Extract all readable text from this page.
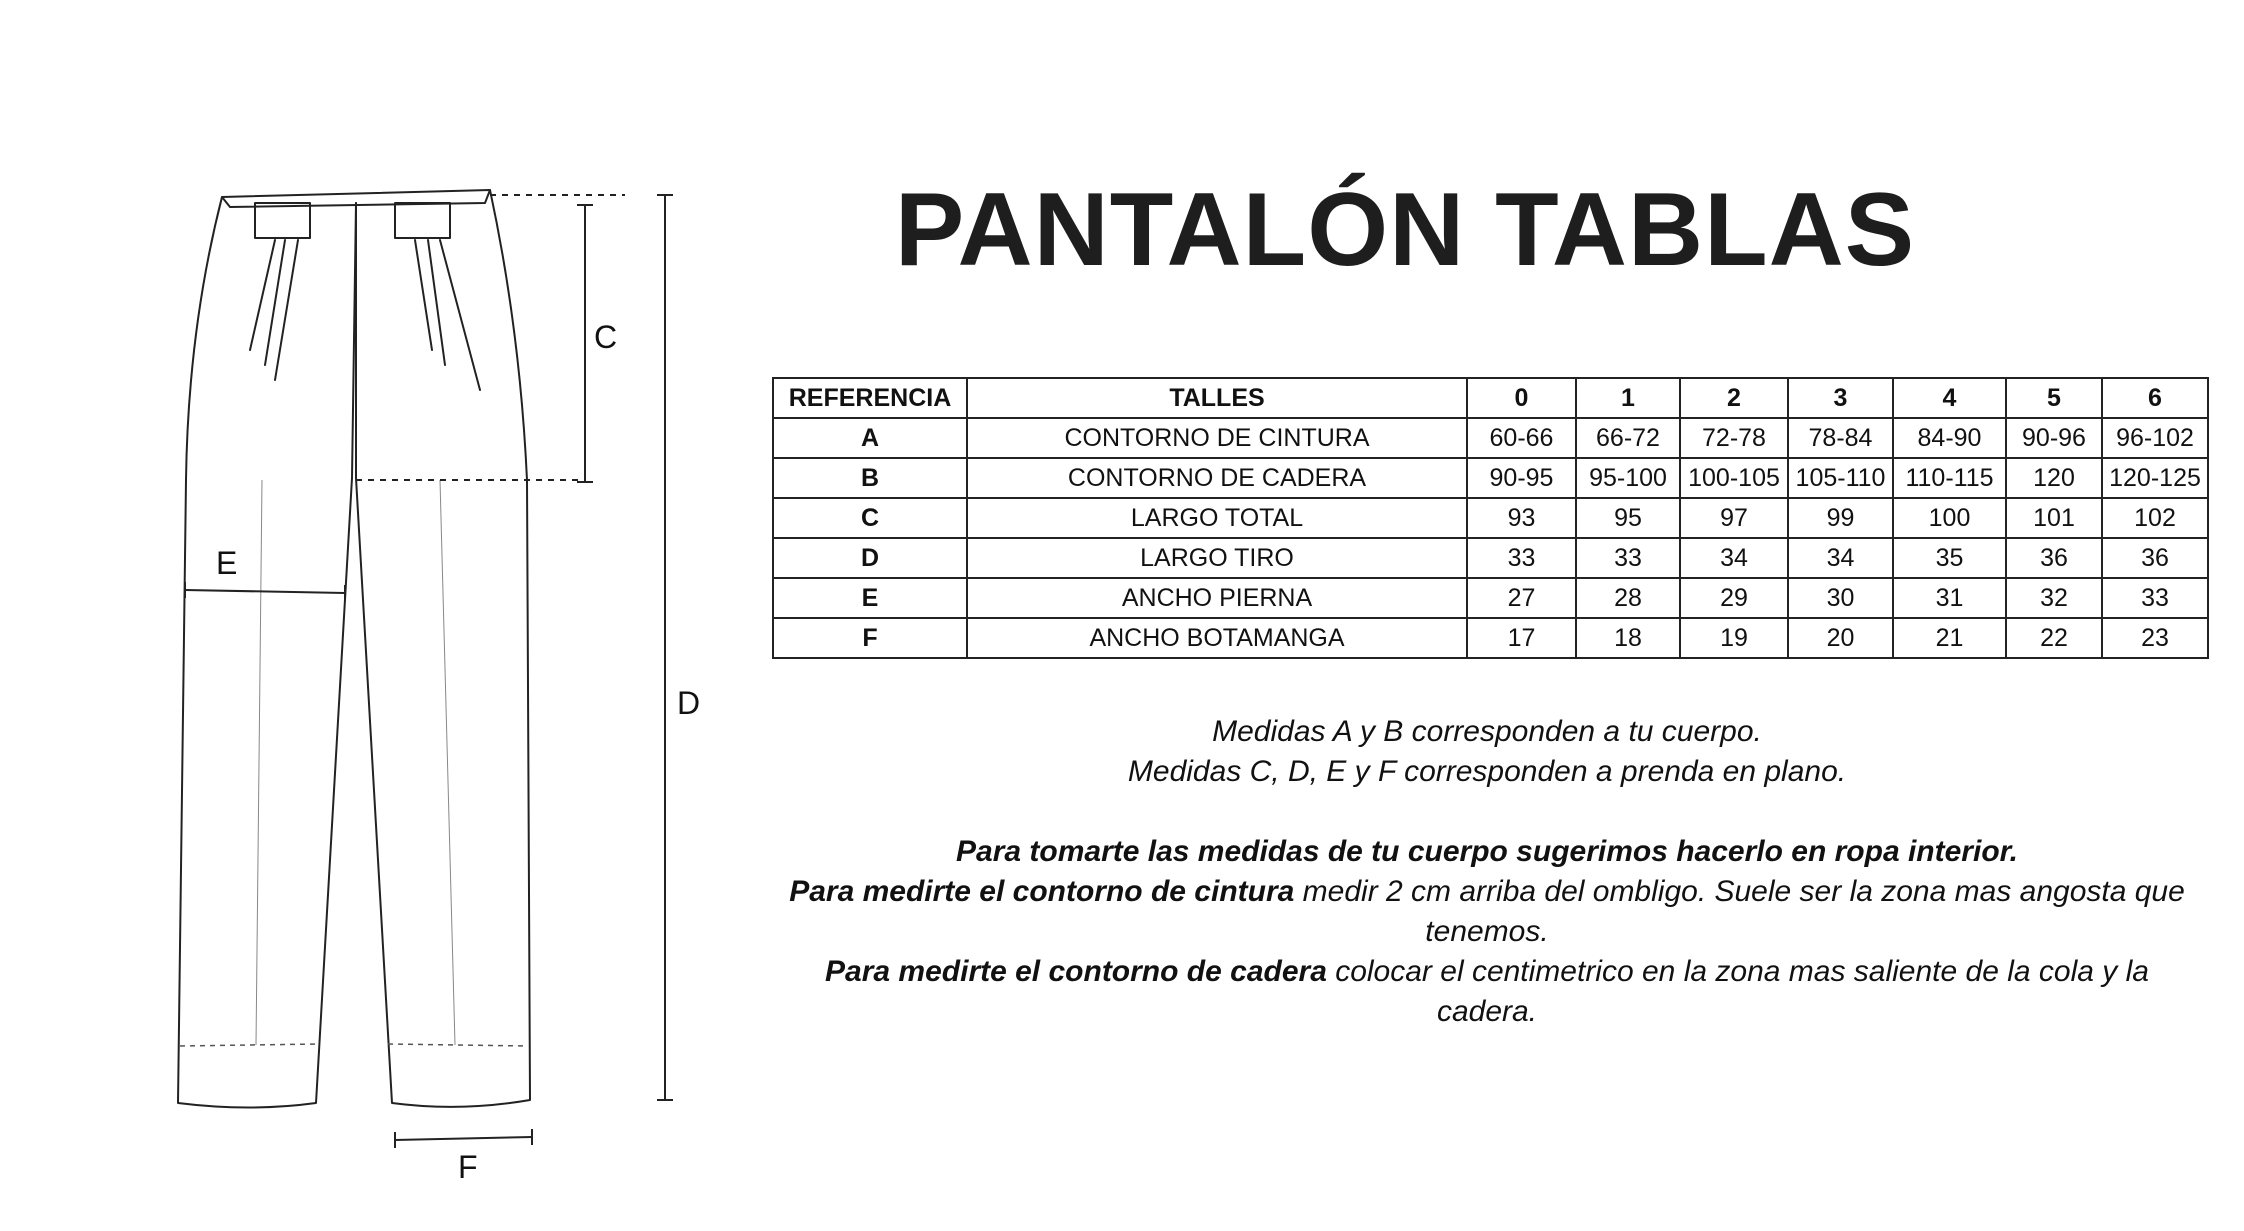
C
D
E
F
PANTALÓN TABLAS
REFERENCIA	TALLES	0	1	2	3	4	5	6
A	CONTORNO DE CINTURA	60-66	66-72	72-78	78-84	84-90	90-96	96-102
B	CONTORNO DE CADERA	90-95	95-100	100-105	105-110	110-115	120	120-125
C	LARGO TOTAL	93	95	97	99	100	101	102
D	LARGO TIRO	33	33	34	34	35	36	36
E	ANCHO PIERNA	27	28	29	30	31	32	33
F	ANCHO BOTAMANGA	17	18	19	20	21	22	23

Medidas A y B corresponden a tu cuerpo.

Medidas C, D, E y F corresponden a prenda en plano.

Para tomarte las medidas de tu cuerpo sugerimos hacerlo en ropa interior.

Para medirte el contorno de cintura medir 2 cm arriba del ombligo. Suele ser la zona mas angosta que tenemos.

Para medirte el contorno de cadera colocar el centimetrico en la zona mas saliente de la cola y la cadera.
